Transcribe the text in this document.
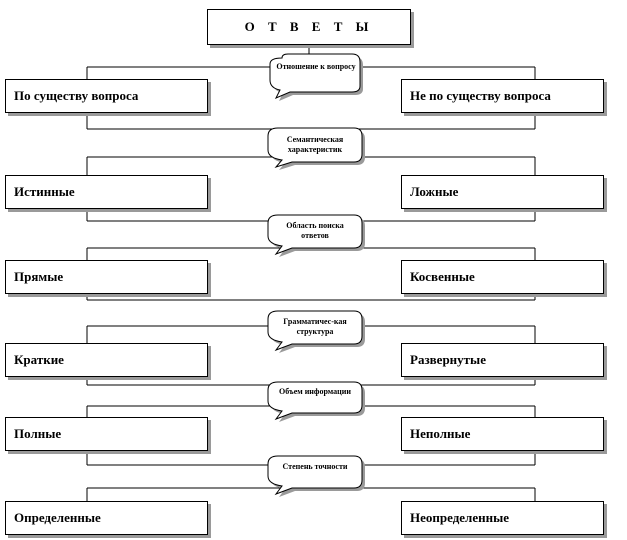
О Т В Е Т Ы
По существу вопроса	Не по существу вопроса
Истинные	Ложные
Прямые	Косвенные
Краткие	Развернутые
Полные	Неполные
Определенные	Неопределенные
Отношение к вопросу
Семантическая характеристик
Область поиска ответов
Грамматичес-кая структура
Объем информации
Степень точности
